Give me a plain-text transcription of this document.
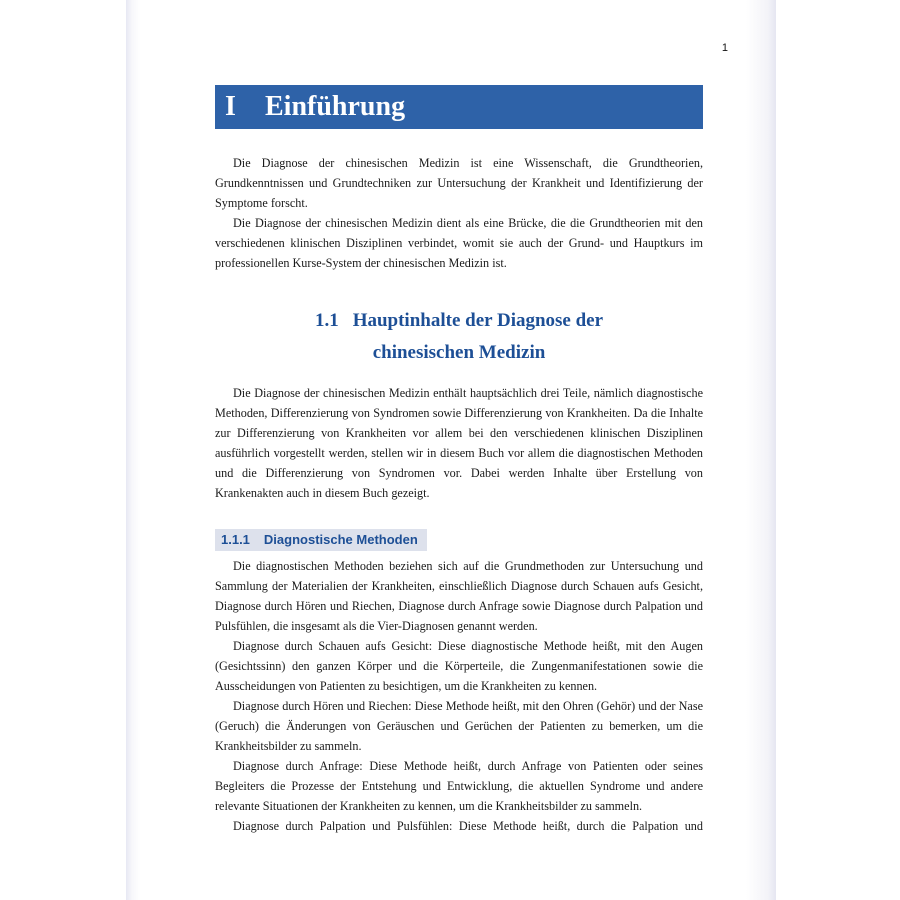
1
I Einführung

Die Diagnose der chinesischen Medizin ist eine Wissenschaft, die Grundtheorien, Grundkenntnissen und Grundtechniken zur Untersuchung der Krankheit und Identifizierung der Symptome forscht.

Die Diagnose der chinesischen Medizin dient als eine Brücke, die die Grundtheorien mit den verschiedenen klinischen Disziplinen verbindet, womit sie auch der Grund- und Hauptkurs im professionellen Kurse-System der chinesischen Medizin ist.

1.1 Hauptinhalte der Diagnose der
chinesischen Medizin

Die Diagnose der chinesischen Medizin enthält hauptsächlich drei Teile, nämlich diagnostische Methoden, Differenzierung von Syndromen sowie Differenzierung von Krankheiten. Da die Inhalte zur Differenzierung von Krankheiten vor allem bei den verschiedenen klinischen Disziplinen ausführlich vorgestellt werden, stellen wir in diesem Buch vor allem die diagnostischen Methoden und die Differenzierung von Syndromen vor. Dabei werden Inhalte über Erstellung von Krankenakten auch in diesem Buch gezeigt.

1.1.1 Diagnostische Methoden

Die diagnostischen Methoden beziehen sich auf die Grundmethoden zur Untersuchung und Sammlung der Materialien der Krankheiten, einschließlich Diagnose durch Schauen aufs Gesicht, Diagnose durch Hören und Riechen, Diagnose durch Anfrage sowie Diagnose durch Palpation und Pulsfühlen, die insgesamt als die Vier-Diagnosen genannt werden.

Diagnose durch Schauen aufs Gesicht: Diese diagnostische Methode heißt, mit den Augen (Gesichtssinn) den ganzen Körper und die Körperteile, die Zungenmanifestationen sowie die Ausscheidungen von Patienten zu besichtigen, um die Krankheiten zu kennen.

Diagnose durch Hören und Riechen: Diese Methode heißt, mit den Ohren (Gehör) und der Nase (Geruch) die Änderungen von Geräuschen und Gerüchen der Patienten zu bemerken, um die Krankheitsbilder zu sammeln.

Diagnose durch Anfrage: Diese Methode heißt, durch Anfrage von Patienten oder seines Begleiters die Prozesse der Entstehung und Entwicklung, die aktuellen Syndrome und andere relevante Situationen der Krankheiten zu kennen, um die Krankheitsbilder zu sammeln.

Diagnose durch Palpation und Pulsfühlen: Diese Methode heißt, durch die Palpation und
